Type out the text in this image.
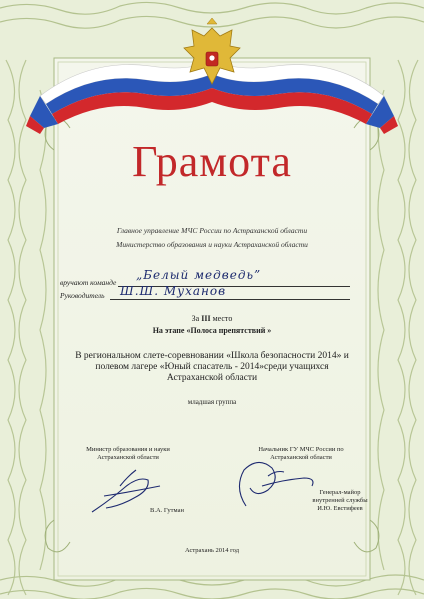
Грамота
Главное управление МЧС России по Астраханской области
Министерство образования и науки Астраханской области
вручают команде
„Белый медведь”
Руководитель Ш.Ш. Муханов
За III место
На этапе «Полоса препятствий »
В региональном слете-соревновании «Школа безопасности 2014» и
полевом лагере «Юный спасатель - 2014»среди учащихся
Астраханской области
младшая группа
Министр образования и науки
Астраханской области
В.А. Гутман
Начальник ГУ МЧС России по
Астраханской области
Генерал-майор
внутренней службы
И.Ю. Евстифеев
Астрахань 2014 год
